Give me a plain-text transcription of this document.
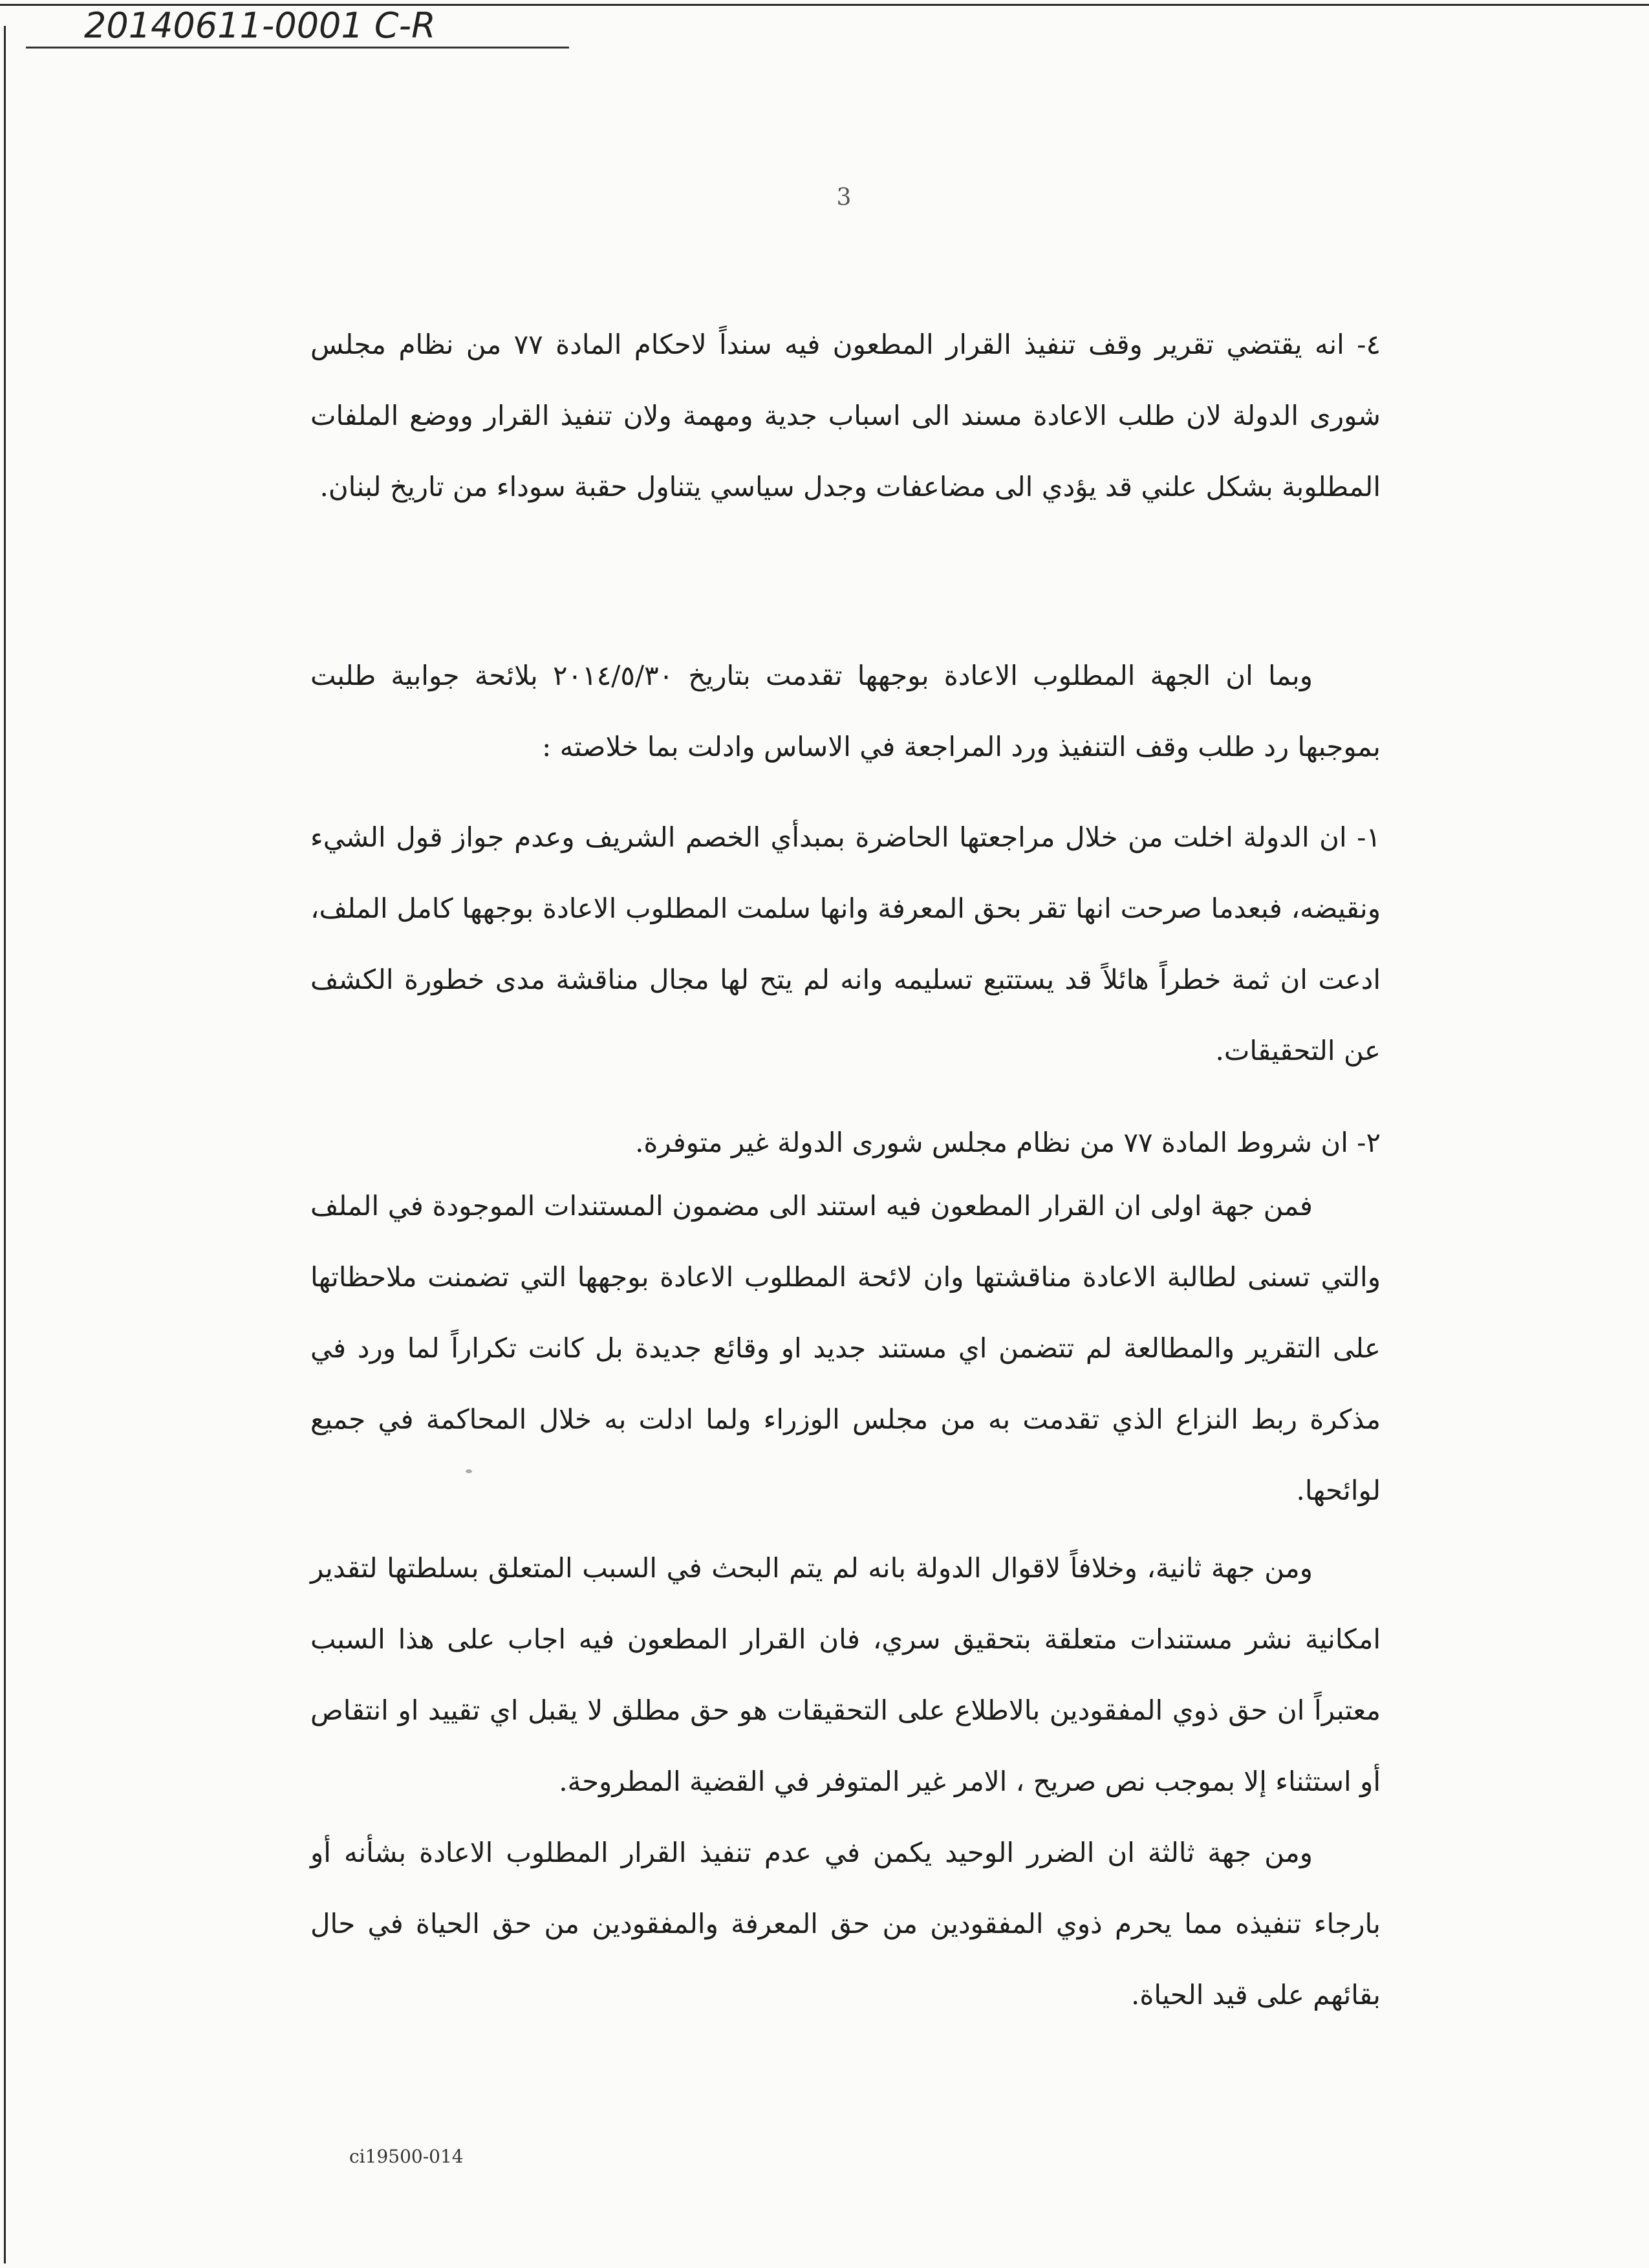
20140611-0001 C-R
3

٤- انه يقتضي تقرير وقف تنفيذ القرار المطعون فيه سنداً لاحكام المادة ٧٧ من نظام مجلس شورى الدولة لان طلب الاعادة مسند الى اسباب جدية ومهمة ولان تنفيذ القرار ووضع الملفات المطلوبة بشكل علني قد يؤدي الى مضاعفات وجدل سياسي يتناول حقبة سوداء من تاريخ لبنان.

وبما ان الجهة المطلوب الاعادة بوجهها تقدمت بتاريخ ٢٠١٤/٥/٣٠ بلائحة جوابية طلبت بموجبها رد طلب وقف التنفيذ ورد المراجعة في الاساس وادلت بما خلاصته :

١- ان الدولة اخلت من خلال مراجعتها الحاضرة بمبدأي الخصم الشريف وعدم جواز قول الشيء ونقيضه، فبعدما صرحت انها تقر بحق المعرفة وانها سلمت المطلوب الاعادة بوجهها كامل الملف، ادعت ان ثمة خطراً هائلاً قد يستتبع تسليمه وانه لم يتح لها مجال مناقشة مدى خطورة الكشف عن التحقيقات.

٢- ان شروط المادة ٧٧ من نظام مجلس شورى الدولة غير متوفرة.

فمن جهة اولى ان القرار المطعون فيه استند الى مضمون المستندات الموجودة في الملف والتي تسنى لطالبة الاعادة مناقشتها وان لائحة المطلوب الاعادة بوجهها التي تضمنت ملاحظاتها على التقرير والمطالعة لم تتضمن اي مستند جديد او وقائع جديدة بل كانت تكراراً لما ورد في مذكرة ربط النزاع الذي تقدمت به من مجلس الوزراء ولما ادلت به خلال المحاكمة في جميع لوائحها.

ومن جهة ثانية، وخلافاً لاقوال الدولة بانه لم يتم البحث في السبب المتعلق بسلطتها لتقدير امكانية نشر مستندات متعلقة بتحقيق سري، فان القرار المطعون فيه اجاب على هذا السبب معتبراً ان حق ذوي المفقودين بالاطلاع على التحقيقات هو حق مطلق لا يقبل اي تقييد او انتقاص أو استثناء إلا بموجب نص صريح ، الامر غير المتوفر في القضية المطروحة.

ومن جهة ثالثة ان الضرر الوحيد يكمن في عدم تنفيذ القرار المطلوب الاعادة بشأنه أو بارجاء تنفيذه مما يحرم ذوي المفقودين من حق المعرفة والمفقودين من حق الحياة في حال بقائهم على قيد الحياة.

ci19500-014
